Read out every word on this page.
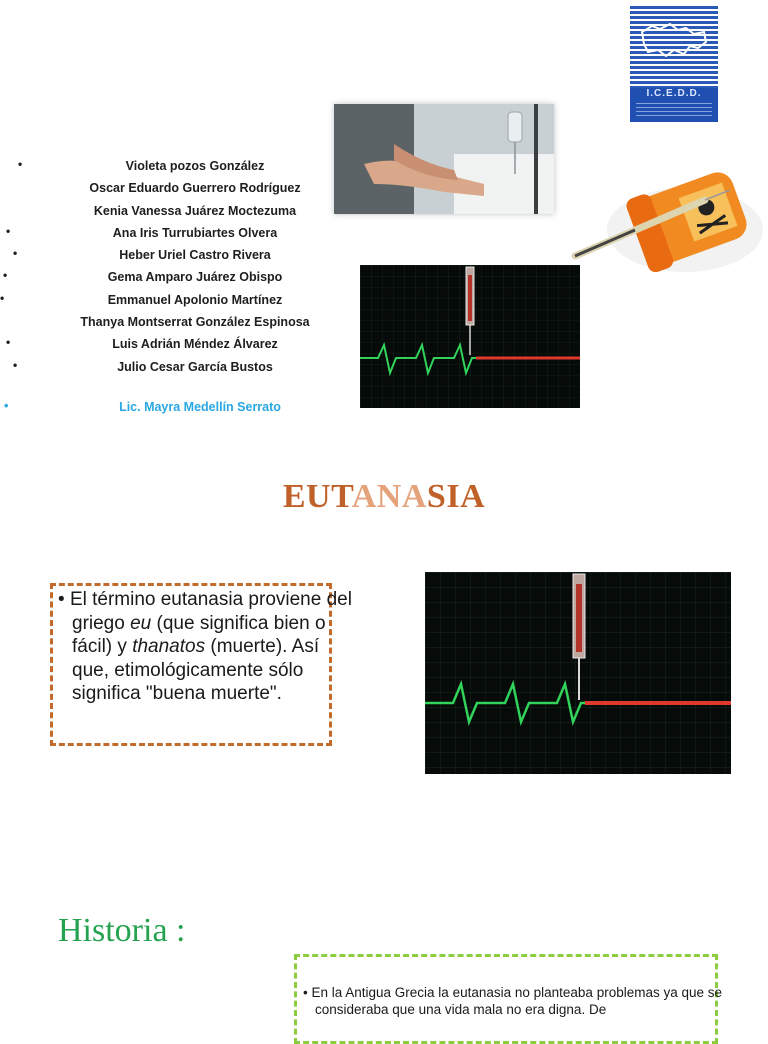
I.C.E.D.D.
•	Violeta pozos González
Oscar Eduardo Guerrero Rodríguez
Kenia Vanessa Juárez Moctezuma
•	Ana Iris Turrubiartes Olvera
•	Heber Uriel Castro Rivera
•	Gema Amparo Juárez Obispo
•	Emmanuel Apolonio Martínez
Thanya Montserrat González Espinosa
•	Luis Adrián Méndez Álvarez
•	Julio Cesar García Bustos
•	Lic. Mayra Medellín Serrato
EUTANASIA
• El término eutanasia proviene del griego eu (que significa bien o fácil) y thanatos (muerte). Así que, etimológicamente sólo significa "buena muerte".
Historia :
• En la Antigua Grecia la eutanasia no planteaba problemas ya que se consideraba que una vida mala no era digna. De
